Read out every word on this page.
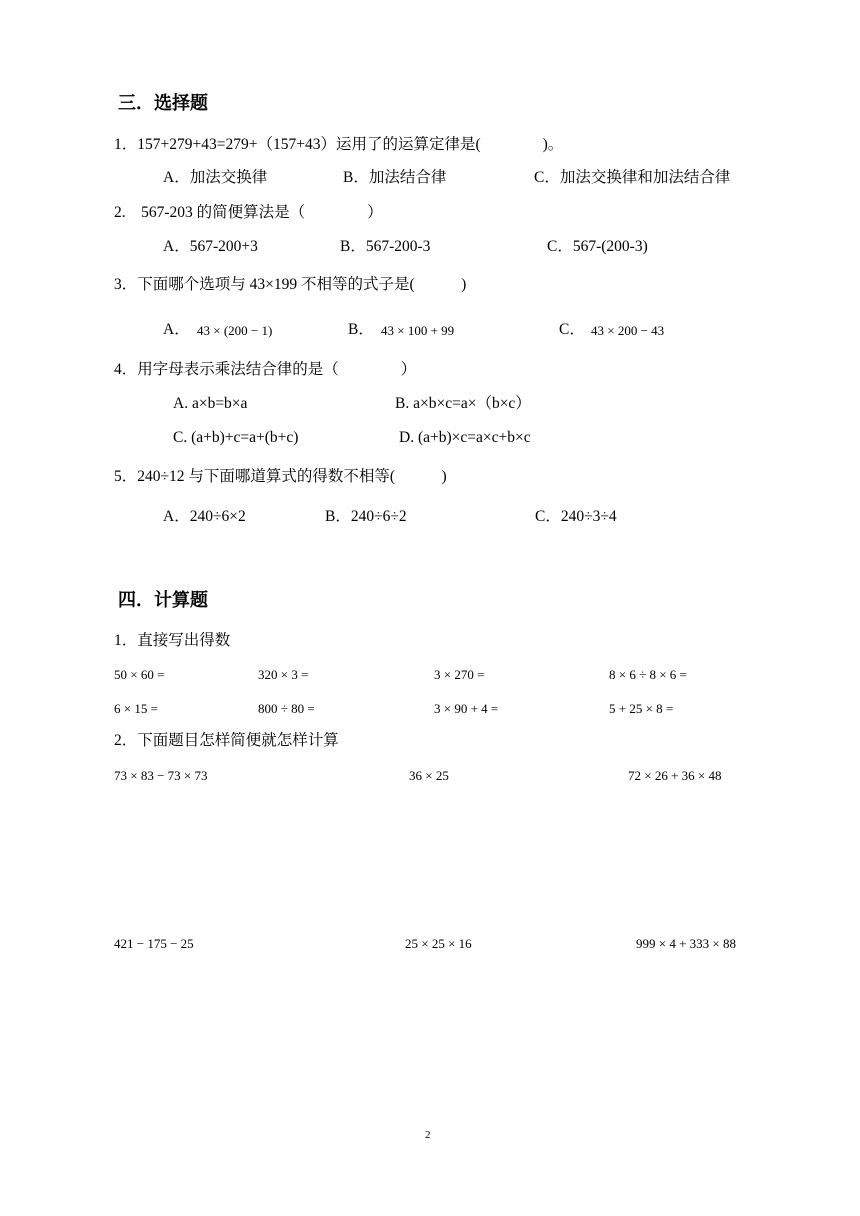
三．选择题
1．157+279+43=279+（157+43）运用了的运算定律是(　　　　)。
A．加法交换律	B．加法结合律	C．加法交换律和加法结合律
2.　567-203 的简便算法是（　　　　）
A．567-200+3	B．567-200-3	C．567-(200-3)
3．下面哪个选项与 43×199 不相等的式子是(　　　)
A． 43 × (200 − 1)	B． 43 × 100 + 99	C． 43 × 200 − 43
4．用字母表示乘法结合律的是（　　　　）
A. a×b=b×a	B. a×b×c=a×（b×c）
C. (a+b)+c=a+(b+c)	D. (a+b)×c=a×c+b×c
5．240÷12 与下面哪道算式的得数不相等(　　　)
A．240÷6×2	B．240÷6÷2	C．240÷3÷4
四．计算题
1．直接写出得数
50 × 60 =	320 × 3 =	3 × 270 =	8 × 6 ÷ 8 × 6 =
6 × 15 =	800 ÷ 80 =	3 × 90 + 4 =	5 + 25 × 8 =
2．下面题目怎样简便就怎样计算
73 × 83 − 73 × 73	36 × 25	72 × 26 + 36 × 48
421 − 175 − 25	25 × 25 × 16	999 × 4 + 333 × 88
2
